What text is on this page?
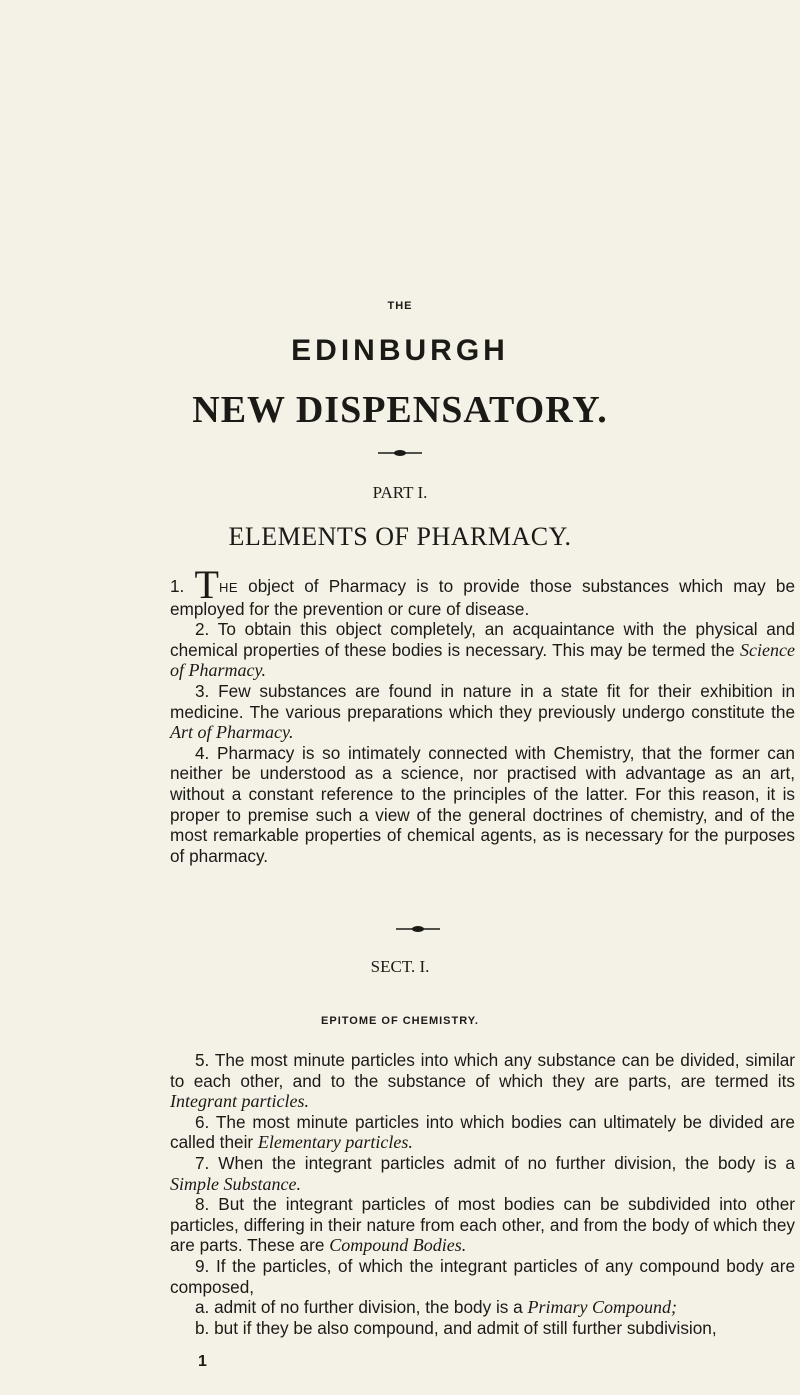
THE
EDINBURGH
NEW DISPENSATORY.
PART I.
ELEMENTS OF PHARMACY.

1. THE object of Pharmacy is to provide those substances which may be employed for the prevention or cure of disease.

2. To obtain this object completely, an acquaintance with the physical and chemical properties of these bodies is necessary. This may be termed the Science of Pharmacy.

3. Few substances are found in nature in a state fit for their exhibition in medicine. The various preparations which they previously undergo constitute the Art of Pharmacy.

4. Pharmacy is so intimately connected with Chemistry, that the former can neither be understood as a science, nor practised with advantage as an art, without a constant reference to the principles of the latter. For this reason, it is proper to premise such a view of the general doctrines of chemistry, and of the most remarkable properties of chemical agents, as is necessary for the purposes of pharmacy.

SECT. I.
EPITOME OF CHEMISTRY.

5. The most minute particles into which any substance can be divided, similar to each other, and to the substance of which they are parts, are termed its Integrant particles.

6. The most minute particles into which bodies can ultimately be divided are called their Elementary particles.

7. When the integrant particles admit of no further division, the body is a Simple Substance.

8. But the integrant particles of most bodies can be subdivided into other particles, differing in their nature from each other, and from the body of which they are parts. These are Compound Bodies.

9. If the particles, of which the integrant particles of any compound body are composed,

a. admit of no further division, the body is a Primary Compound;

b. but if they be also compound, and admit of still further subdivision,

1
